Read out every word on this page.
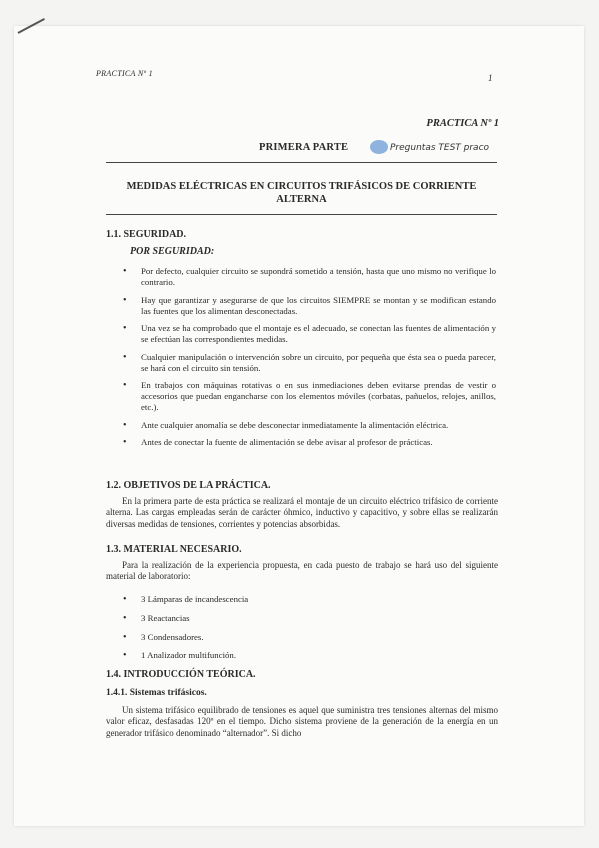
PRACTICA Nº 1	1
PRACTICA Nº 1
PRIMERA PARTE	Preguntas TEST praco
MEDIDAS ELÉCTRICAS EN CIRCUITOS TRIFÁSICOS DE CORRIENTE ALTERNA
1.1. SEGURIDAD.
POR SEGURIDAD:
• Por defecto, cualquier circuito se supondrá sometido a tensión, hasta que uno mismo no verifique lo contrario.
• Hay que garantizar y asegurarse de que los circuitos SIEMPRE se montan y se modifican estando las fuentes que los alimentan desconectadas.
• Una vez se ha comprobado que el montaje es el adecuado, se conectan las fuentes de alimentación y se efectúan las correspondientes medidas.
• Cualquier manipulación o intervención sobre un circuito, por pequeña que ésta sea o pueda parecer, se hará con el circuito sin tensión.
• En trabajos con máquinas rotativas o en sus inmediaciones deben evitarse prendas de vestir o accesorios que puedan engancharse con los elementos móviles (corbatas, pañuelos, relojes, anillos, etc.).
• Ante cualquier anomalía se debe desconectar inmediatamente la alimentación eléctrica.
• Antes de conectar la fuente de alimentación se debe avisar al profesor de prácticas.
1.2. OBJETIVOS DE LA PRÁCTICA.

En la primera parte de esta práctica se realizará el montaje de un circuito eléctrico trifásico de corriente alterna. Las cargas empleadas serán de carácter óhmico, inductivo y capacitivo, y sobre ellas se realizarán diversas medidas de tensiones, corrientes y potencias absorbidas.

1.3. MATERIAL NECESARIO.

Para la realización de la experiencia propuesta, en cada puesto de trabajo se hará uso del siguiente material de laboratorio:

• 3 Lámparas de incandescencia
• 3 Reactancias
• 3 Condensadores.
• 1 Analizador multifunción.
1.4. INTRODUCCIÓN TEÓRICA.
1.4.1. Sistemas trifásicos.

Un sistema trifásico equilibrado de tensiones es aquel que suministra tres tensiones alternas del mismo valor eficaz, desfasadas 120º en el tiempo. Dicho sistema proviene de la generación de la energía en un generador trifásico denominado “alternador”. Si dicho
